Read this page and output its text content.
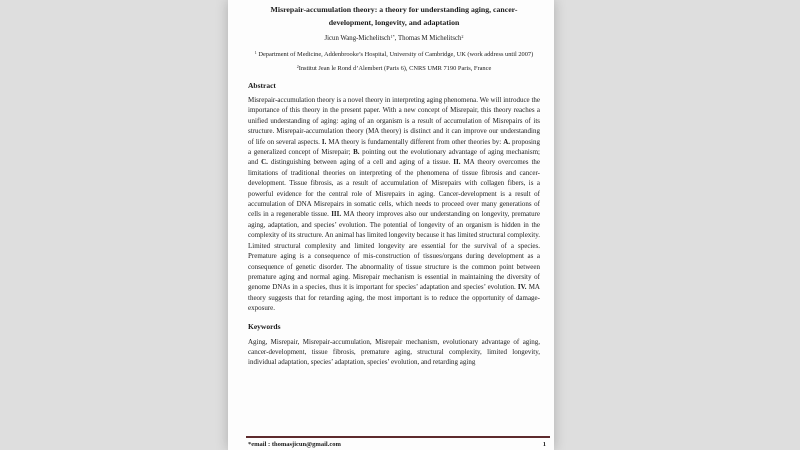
Misrepair-accumulation theory: a theory for understanding aging, cancer-
development, longevity, and adaptation
Jicun Wang-Michelitsch$^{1*}$, Thomas M Michelitsch$^2$
$^1$ Department of Medicine, Addenbrooke’s Hospital, University of Cambridge, UK (work address until 2007)
$^2$Institut Jean le Rond d’Alembert (Paris 6), CNRS UMR 7190 Paris, France
Abstract

Misrepair-accumulation theory is a novel theory in interpreting aging phenomena. We will introduce the importance of this theory in the present paper. With a new concept of Misrepair, this theory reaches a unified understanding of aging: aging of an organism is a result of accumulation of Misrepairs of its structure. Misrepair-accumulation theory (MA theory) is distinct and it can improve our understanding of life on several aspects. I. MA theory is fundamentally different from other theories by: A. proposing a generalized concept of Misrepair; B. pointing out the evolutionary advantage of aging mechanism; and C. distinguishing between aging of a cell and aging of a tissue. II. MA theory overcomes the limitations of traditional theories on interpreting of the phenomena of tissue fibrosis and cancer-development. Tissue fibrosis, as a result of accumulation of Misrepairs with collagen fibers, is a powerful evidence for the central role of Misrepairs in aging. Cancer-development is a result of accumulation of DNA Misrepairs in somatic cells, which needs to proceed over many generations of cells in a regenerable tissue. III. MA theory improves also our understanding on longevity, premature aging, adaptation, and species’ evolution. The potential of longevity of an organism is hidden in the complexity of its structure. An animal has limited longevity because it has limited structural complexity. Limited structural complexity and limited longevity are essential for the survival of a species. Premature aging is a consequence of mis-construction of tissues/organs during development as a consequence of genetic disorder. The abnormality of tissue structure is the common point between premature aging and normal aging. Misrepair mechanism is essential in maintaining the diversity of genome DNAs in a species, thus it is important for species’ adaptation and species’ evolution. IV. MA theory suggests that for retarding aging, the most important is to reduce the opportunity of damage-exposure.

Keywords

Aging, Misrepair, Misrepair-accumulation, Misrepair mechanism, evolutionary advantage of aging, cancer-development, tissue fibrosis, premature aging, structural complexity, limited longevity, individual adaptation, species’ adaptation, species’ evolution, and retarding aging

*email : thomasjicun@gmail.com	1
